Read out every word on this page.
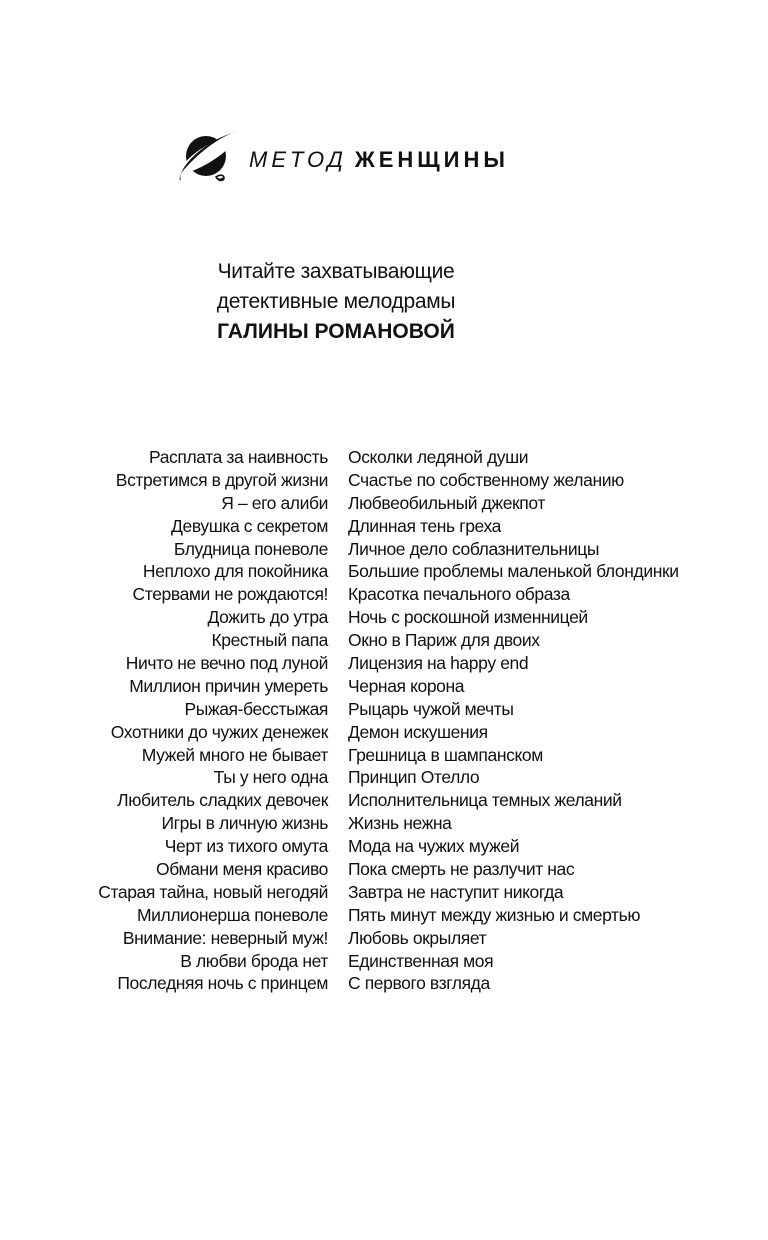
МЕТОД ЖЕНЩИНЫ
Читайте захватывающие
детективные мелодрамы
ГАЛИНЫ РОМАНОВОЙ
Расплата за наивность
Встретимся в другой жизни
Я – его алиби
Девушка с секретом
Блудница поневоле
Неплохо для покойника
Стервами не рождаются!
Дожить до утра
Крестный папа
Ничто не вечно под луной
Миллион причин умереть
Рыжая-бесстыжая
Охотники до чужих денежек
Мужей много не бывает
Ты у него одна
Любитель сладких девочек
Игры в личную жизнь
Черт из тихого омута
Обмани меня красиво
Старая тайна, новый негодяй
Миллионерша поневоле
Внимание: неверный муж!
В любви брода нет
Последняя ночь с принцем
Осколки ледяной души
Счастье по собственному желанию
Любвеобильный джекпот
Длинная тень греха
Личное дело соблазнительницы
Большие проблемы маленькой блондинки
Красотка печального образа
Ночь с роскошной изменницей
Окно в Париж для двоих
Лицензия на happy end
Черная корона
Рыцарь чужой мечты
Демон искушения
Грешница в шампанском
Принцип Отелло
Исполнительница темных желаний
Жизнь нежна
Мода на чужих мужей
Пока смерть не разлучит нас
Завтра не наступит никогда
Пять минут между жизнью и смертью
Любовь окрыляет
Единственная моя
С первого взгляда
